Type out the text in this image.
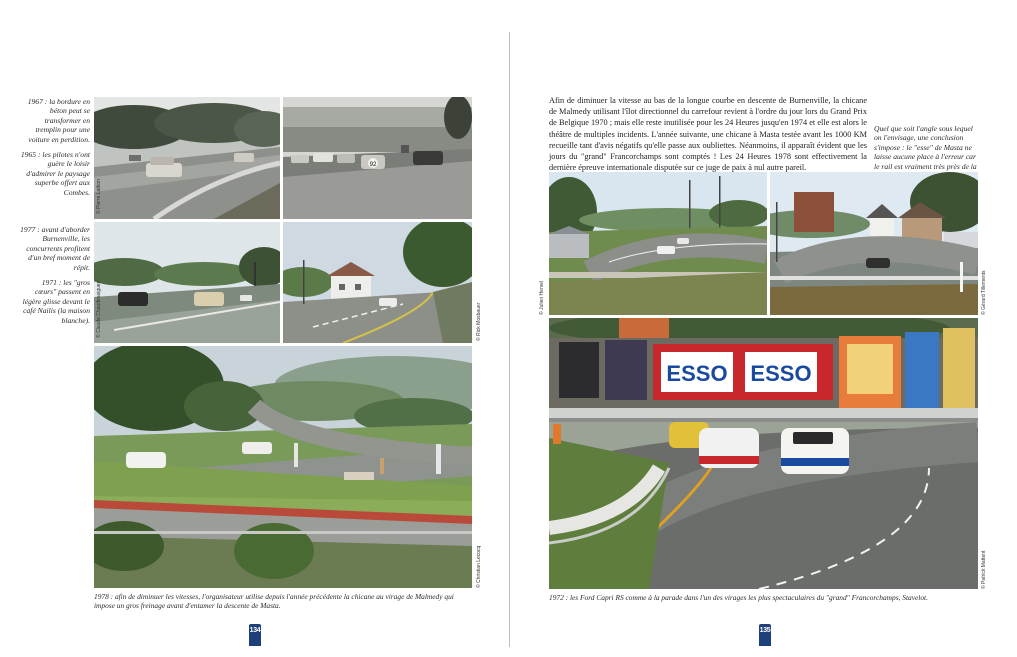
1967 : la bordure en béton peut se transformer en tremplin pour une voiture en perdition.

1965 : les pilotes n'ont guère le loisir d'admirer le paysage superbe offert aux Combes.

1977 : avant d'aborder Burnenville, les concurrents profitent d'un bref moment de répit.

1971 : les "gros cœurs" passent en légère glisse devant le café Nailis (la maison blanche).

© Pierre Lattion
92
© Claude Chaudesaigues	© Rick Mosbauer
© Christian Lecocq
1978 : afin de diminuer les vitesses, l'organisateur utilise depuis l'année précédente la chicane au virage de Malmedy qui impose un gros freinage avant d'entamer la descente de Masta.
134
Afin de diminuer la vitesse au bas de la longue courbe en descente de Burnenville, la chicane de Malmedy utilisant l'îlot directionnel du carrefour revient à l'ordre du jour lors du Grand Prix de Belgique 1970 ; mais elle reste inutilisée pour les 24 Heures jusqu'en 1974 et elle est alors le théâtre de multiples incidents. L'année suivante, une chicane à Masta testée avant les 1000 KM recueille tant d'avis négatifs qu'elle passe aux oubliettes. Néanmoins, il apparaît évident que les jours du "grand" Francorchamps sont comptés ! Les 24 Heures 1978 sont effectivement la dernière épreuve internationale disputée sur ce juge de paix à nul autre pareil.
Quel que soit l'angle sous lequel on l'envisage, une conclusion s'impose : le "esse" de Masta ne laisse aucune place à l'erreur car le rail est vraiment très près de la
© Julien Hervel	© Gérard Tillements
ESSO ESSO
© Patrick Mattent
1972 : les Ford Capri RS comme à la parade dans l'un des virages les plus spectaculaires du "grand" Francorchamps, Stavelot.
135
